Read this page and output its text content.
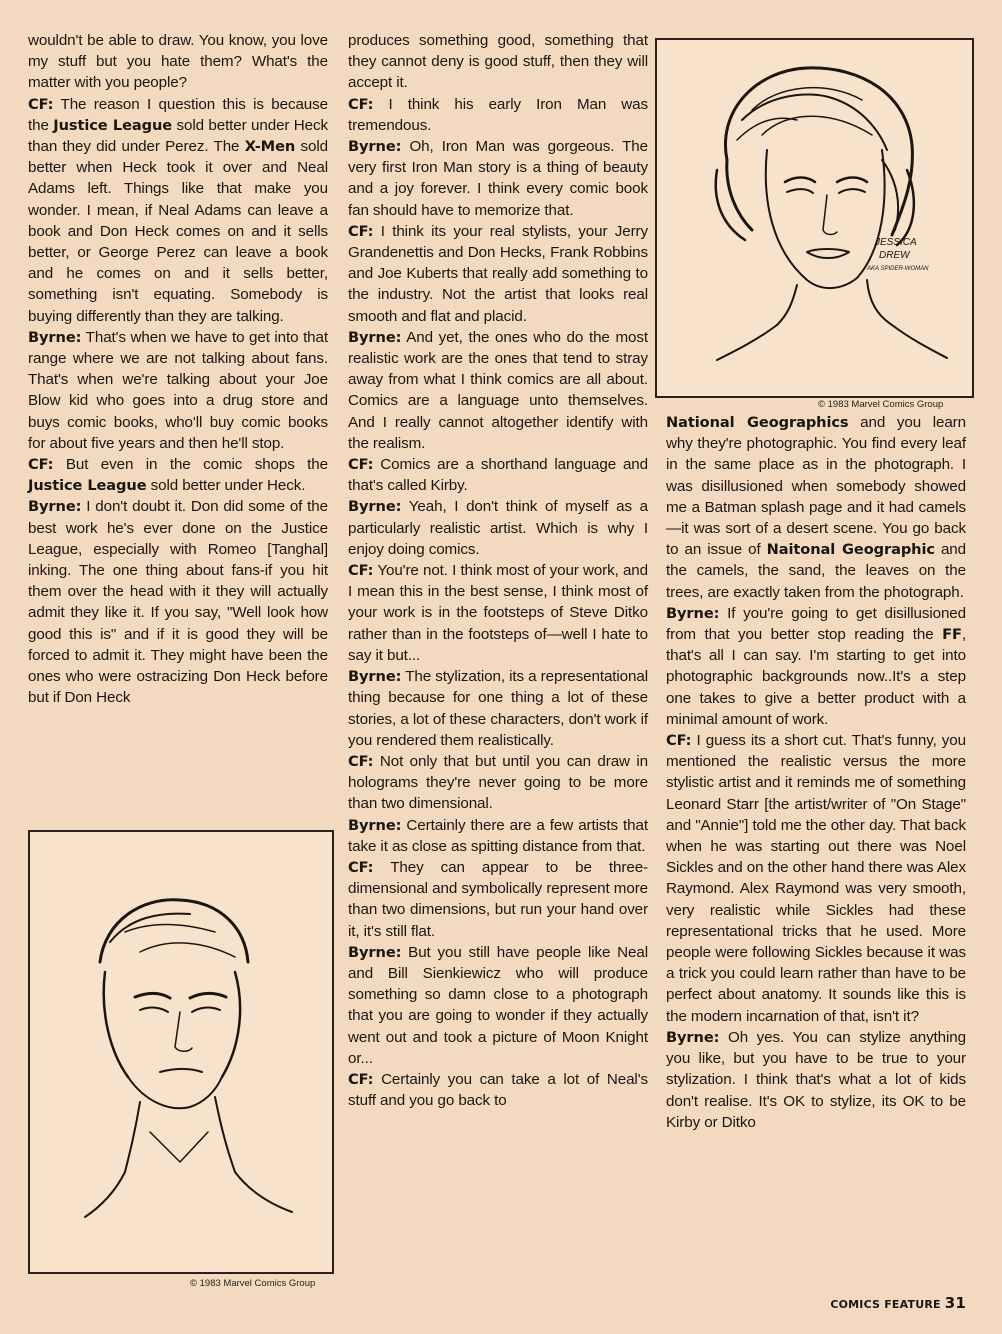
wouldn't be able to draw. You know, you love my stuff but you hate them? What's the matter with you people?

CF: The reason I question this is because the Justice League sold better under Heck than they did under Perez. The X-Men sold better when Heck took it over and Neal Adams left. Things like that make you wonder. I mean, if Neal Adams can leave a book and Don Heck comes on and it sells better, or George Perez can leave a book and he comes on and it sells better, something isn't equating. Somebody is buying differently than they are talking.

Byrne: That's when we have to get into that range where we are not talking about fans. That's when we're talking about your Joe Blow kid who goes into a drug store and buys comic books, who'll buy comic books for about five years and then he'll stop.

CF: But even in the comic shops the Justice League sold better under Heck.

Byrne: I don't doubt it. Don did some of the best work he's ever done on the Justice League, especially with Romeo [Tanghal] inking. The one thing about fans-if you hit them over the head with it they will actually admit they like it. If you say, "Well look how good this is" and if it is good they will be forced to admit it. They might have been the ones who were ostracizing Don Heck before but if Don Heck

produces something good, something that they cannot deny is good stuff, then they will accept it.

CF: I think his early Iron Man was tremendous.

Byrne: Oh, Iron Man was gorgeous. The very first Iron Man story is a thing of beauty and a joy forever. I think every comic book fan should have to memorize that.

CF: I think its your real stylists, your Jerry Grandenettis and Don Hecks, Frank Robbins and Joe Kuberts that really add something to the industry. Not the artist that looks real smooth and flat and placid.

Byrne: And yet, the ones who do the most realistic work are the ones that tend to stray away from what I think comics are all about. Comics are a language unto themselves. And I really cannot altogether identify with the realism.

CF: Comics are a shorthand language and that's called Kirby.

Byrne: Yeah, I don't think of myself as a particularly realistic artist. Which is why I enjoy doing comics.

CF: You're not. I think most of your work, and I mean this in the best sense, I think most of your work is in the footsteps of Steve Ditko rather than in the footsteps of—well I hate to say it but...

Byrne: The stylization, its a representational thing because for one thing a lot of these stories, a lot of these characters, don't work if you rendered them realistically.

CF: Not only that but until you can draw in holograms they're never going to be more than two dimensional.

Byrne: Certainly there are a few artists that take it as close as spitting distance from that.

CF: They can appear to be three-dimensional and symbolically represent more than two dimensions, but run your hand over it, it's still flat.

Byrne: But you still have people like Neal and Bill Sienkiewicz who will produce something so damn close to a photograph that you are going to wonder if they actually went out and took a picture of Moon Knight or...

CF: Certainly you can take a lot of Neal's stuff and you go back to

National Geographics and you learn why they're photographic. You find every leaf in the same place as in the photograph. I was disillusioned when somebody showed me a Batman splash page and it had camels—it was sort of a desert scene. You go back to an issue of Naitonal Geographic and the camels, the sand, the leaves on the trees, are exactly taken from the photograph.

Byrne: If you're going to get disillusioned from that you better stop reading the FF, that's all I can say. I'm starting to get into photographic backgrounds now..It's a step one takes to give a better product with a minimal amount of work.

CF: I guess its a short cut. That's funny, you mentioned the realistic versus the more stylistic artist and it reminds me of something Leonard Starr [the artist/writer of "On Stage" and "Annie"] told me the other day. That back when he was starting out there was Noel Sickles and on the other hand there was Alex Raymond. Alex Raymond was very smooth, very realistic while Sickles had these representational tricks that he used. More people were following Sickles because it was a trick you could learn rather than have to be perfect about anatomy. It sounds like this is the modern incarnation of that, isn't it?

Byrne: Oh yes. You can stylize anything you like, but you have to be true to your stylization. I think that's what a lot of kids don't realise. It's OK to stylize, its OK to be Kirby or Ditko

JESSICA
DREW
AKA SPIDER-WOMAN
© 1983 Marvel Comics Group
© 1983 Marvel Comics Group
COMICS FEATURE 31
